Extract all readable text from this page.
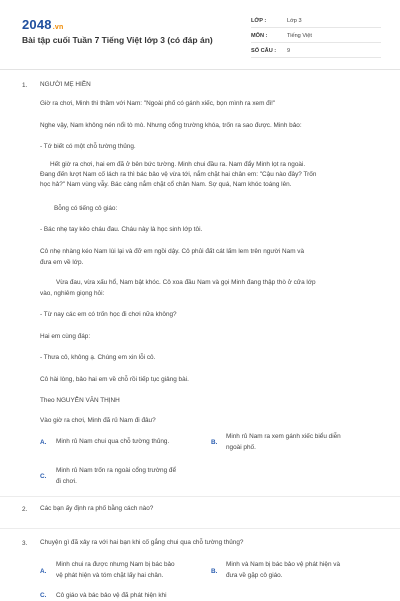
2048.vn
Bài tập cuối Tuần 7 Tiếng Việt lớp 3 (có đáp án)
LỚP :	Lớp 3
MÔN :	Tiếng Việt
SỐ CÂU :	9
1. NGƯỜI MẸ HIỀN
Giờ ra chơi, Minh thì thầm với Nam: "Ngoài phố có gánh xiếc, bọn mình ra xem đi!"
Nghe vậy, Nam không nén nổi tò mò. Nhưng cổng trường khóa, trốn ra sao được. Minh bảo:
- Tớ biết có một chỗ tường thủng.
Hết giờ ra chơi, hai em đã ở bên bức tường. Minh chui đầu ra. Nam đẩy Minh lọt ra ngoài.
Đang đến lượt Nam cố lách ra thì bác bảo vệ vừa tới, nắm chặt hai chân em: "Cậu nào đây? Trốn
học hả?" Nam vùng vẫy. Bác càng nắm chặt cổ chân Nam. Sợ quá, Nam khóc toáng lên.
Bỗng có tiếng cô giáo:
- Bác nhẹ tay kẻo cháu đau. Cháu này là học sinh lớp tôi.
Cô nhẹ nhàng kéo Nam lùi lại và đỡ em ngồi dậy. Cô phủi đất cát lấm lem trên người Nam và
đưa em về lớp.
Vừa đau, vừa xấu hổ, Nam bật khóc. Cô xoa đầu Nam và gọi Minh đang thập thò ở cửa lớp
vào, nghiêm giọng hỏi:
- Từ nay các em có trốn học đi chơi nữa không?
Hai em cùng đáp:
- Thưa cô, không ạ. Chúng em xin lỗi cô.
Cô hài lòng, bảo hai em về chỗ rồi tiếp tục giảng bài.
Theo NGUYỄN VĂN THỊNH
Vào giờ ra chơi, Minh đã rủ Nam đi đâu?
A. Minh rủ Nam chui qua chỗ tường thủng.	B.
Minh rủ Nam ra xem gánh xiếc biểu diễn
ngoài phố.
C.
Minh rủ Nam trốn ra ngoài cổng trường để
đi chơi.
2. Các bạn ấy định ra phố bằng cách nào?
3. Chuyện gì đã xảy ra với hai bạn khi cố gắng chui qua chỗ tường thủng?
A.
Minh chui ra được nhưng Nam bị bác bảo
vệ phát hiện và tóm chặt lấy hai chân.
B.
Minh và Nam bị bác bảo vệ phát hiện và
đưa về gặp cô giáo.
C. Cô giáo và bác bảo vệ đã phát hiện khi
